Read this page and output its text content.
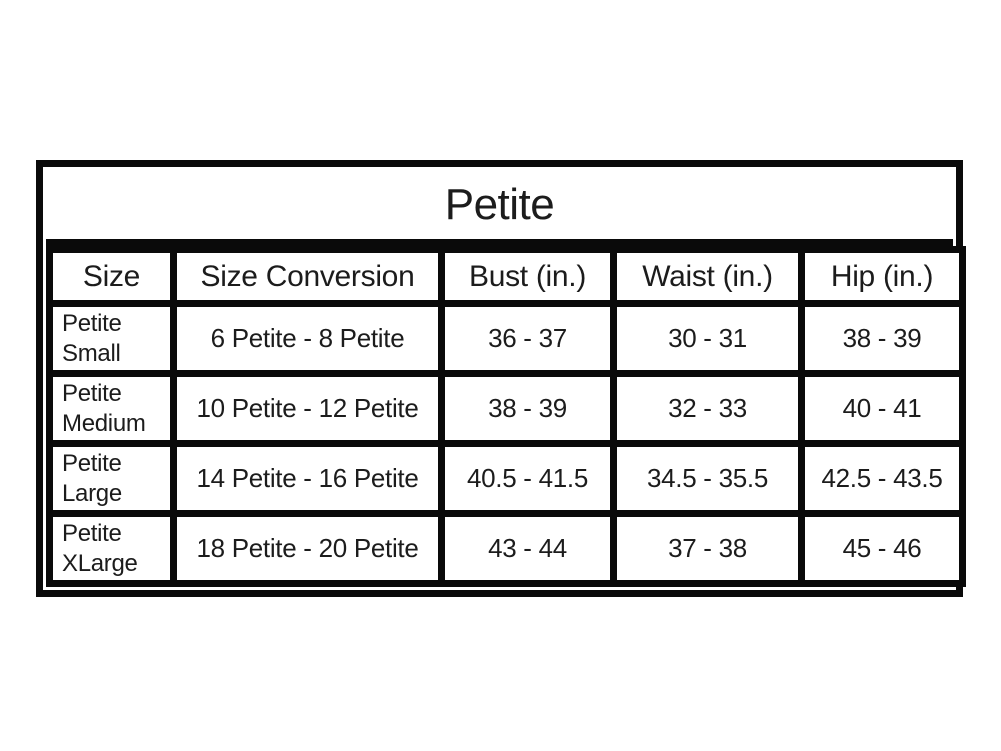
Petite
Size	Size Conversion	Bust (in.)	Waist (in.)	Hip (in.)
Petite Small	6 Petite - 8 Petite	36 - 37	30 - 31	38 - 39
Petite Medium	10 Petite - 12 Petite	38 - 39	32 - 33	40 - 41
Petite Large	14 Petite - 16 Petite	40.5 - 41.5	34.5 - 35.5	42.5 - 43.5
Petite XLarge	18 Petite - 20 Petite	43 - 44	37 - 38	45 - 46
